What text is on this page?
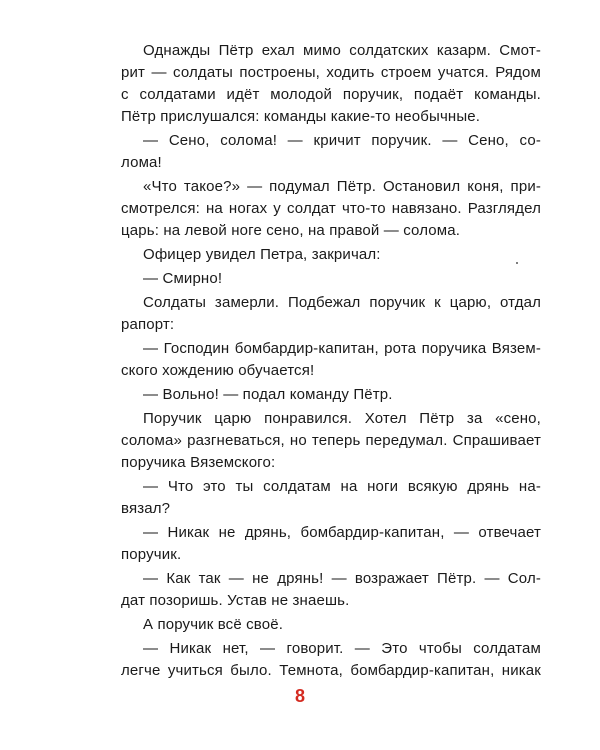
Однажды Пётр ехал мимо солдатских казарм. Смот-
рит — солдаты построены, ходить строем учатся. Рядом
с солдатами идёт молодой поручик, подаёт команды.
Пётр прислушался: команды какие-то необычные.
— Сено, солома! — кричит поручик. — Сено, со-
лома!
«Что такое?» — подумал Пётр. Остановил коня, при-
смотрелся: на ногах у солдат что-то навязано. Разглядел
царь: на левой ноге сено, на правой — солома.
Офицер увидел Петра, закричал:
— Смирно!
Солдаты замерли. Подбежал поручик к царю, отдал
рапорт:
— Господин бомбардир-капитан, рота поручика Вязем-
ского хождению обучается!
— Вольно! — подал команду Пётр.
Поручик царю понравился. Хотел Пётр за «сено,
солома» разгневаться, но теперь передумал. Спрашивает
поручика Вяземского:
— Что это ты солдатам на ноги всякую дрянь на-
вязал?
— Никак не дрянь, бомбардир-капитан, — отвечает
поручик.
— Как так — не дрянь! — возражает Пётр. — Сол-
дат позоришь. Устав не знаешь.
А поручик всё своё.
— Никак нет, — говорит. — Это чтобы солдатам
легче учиться было. Темнота, бомбардир-капитан, никак
8
